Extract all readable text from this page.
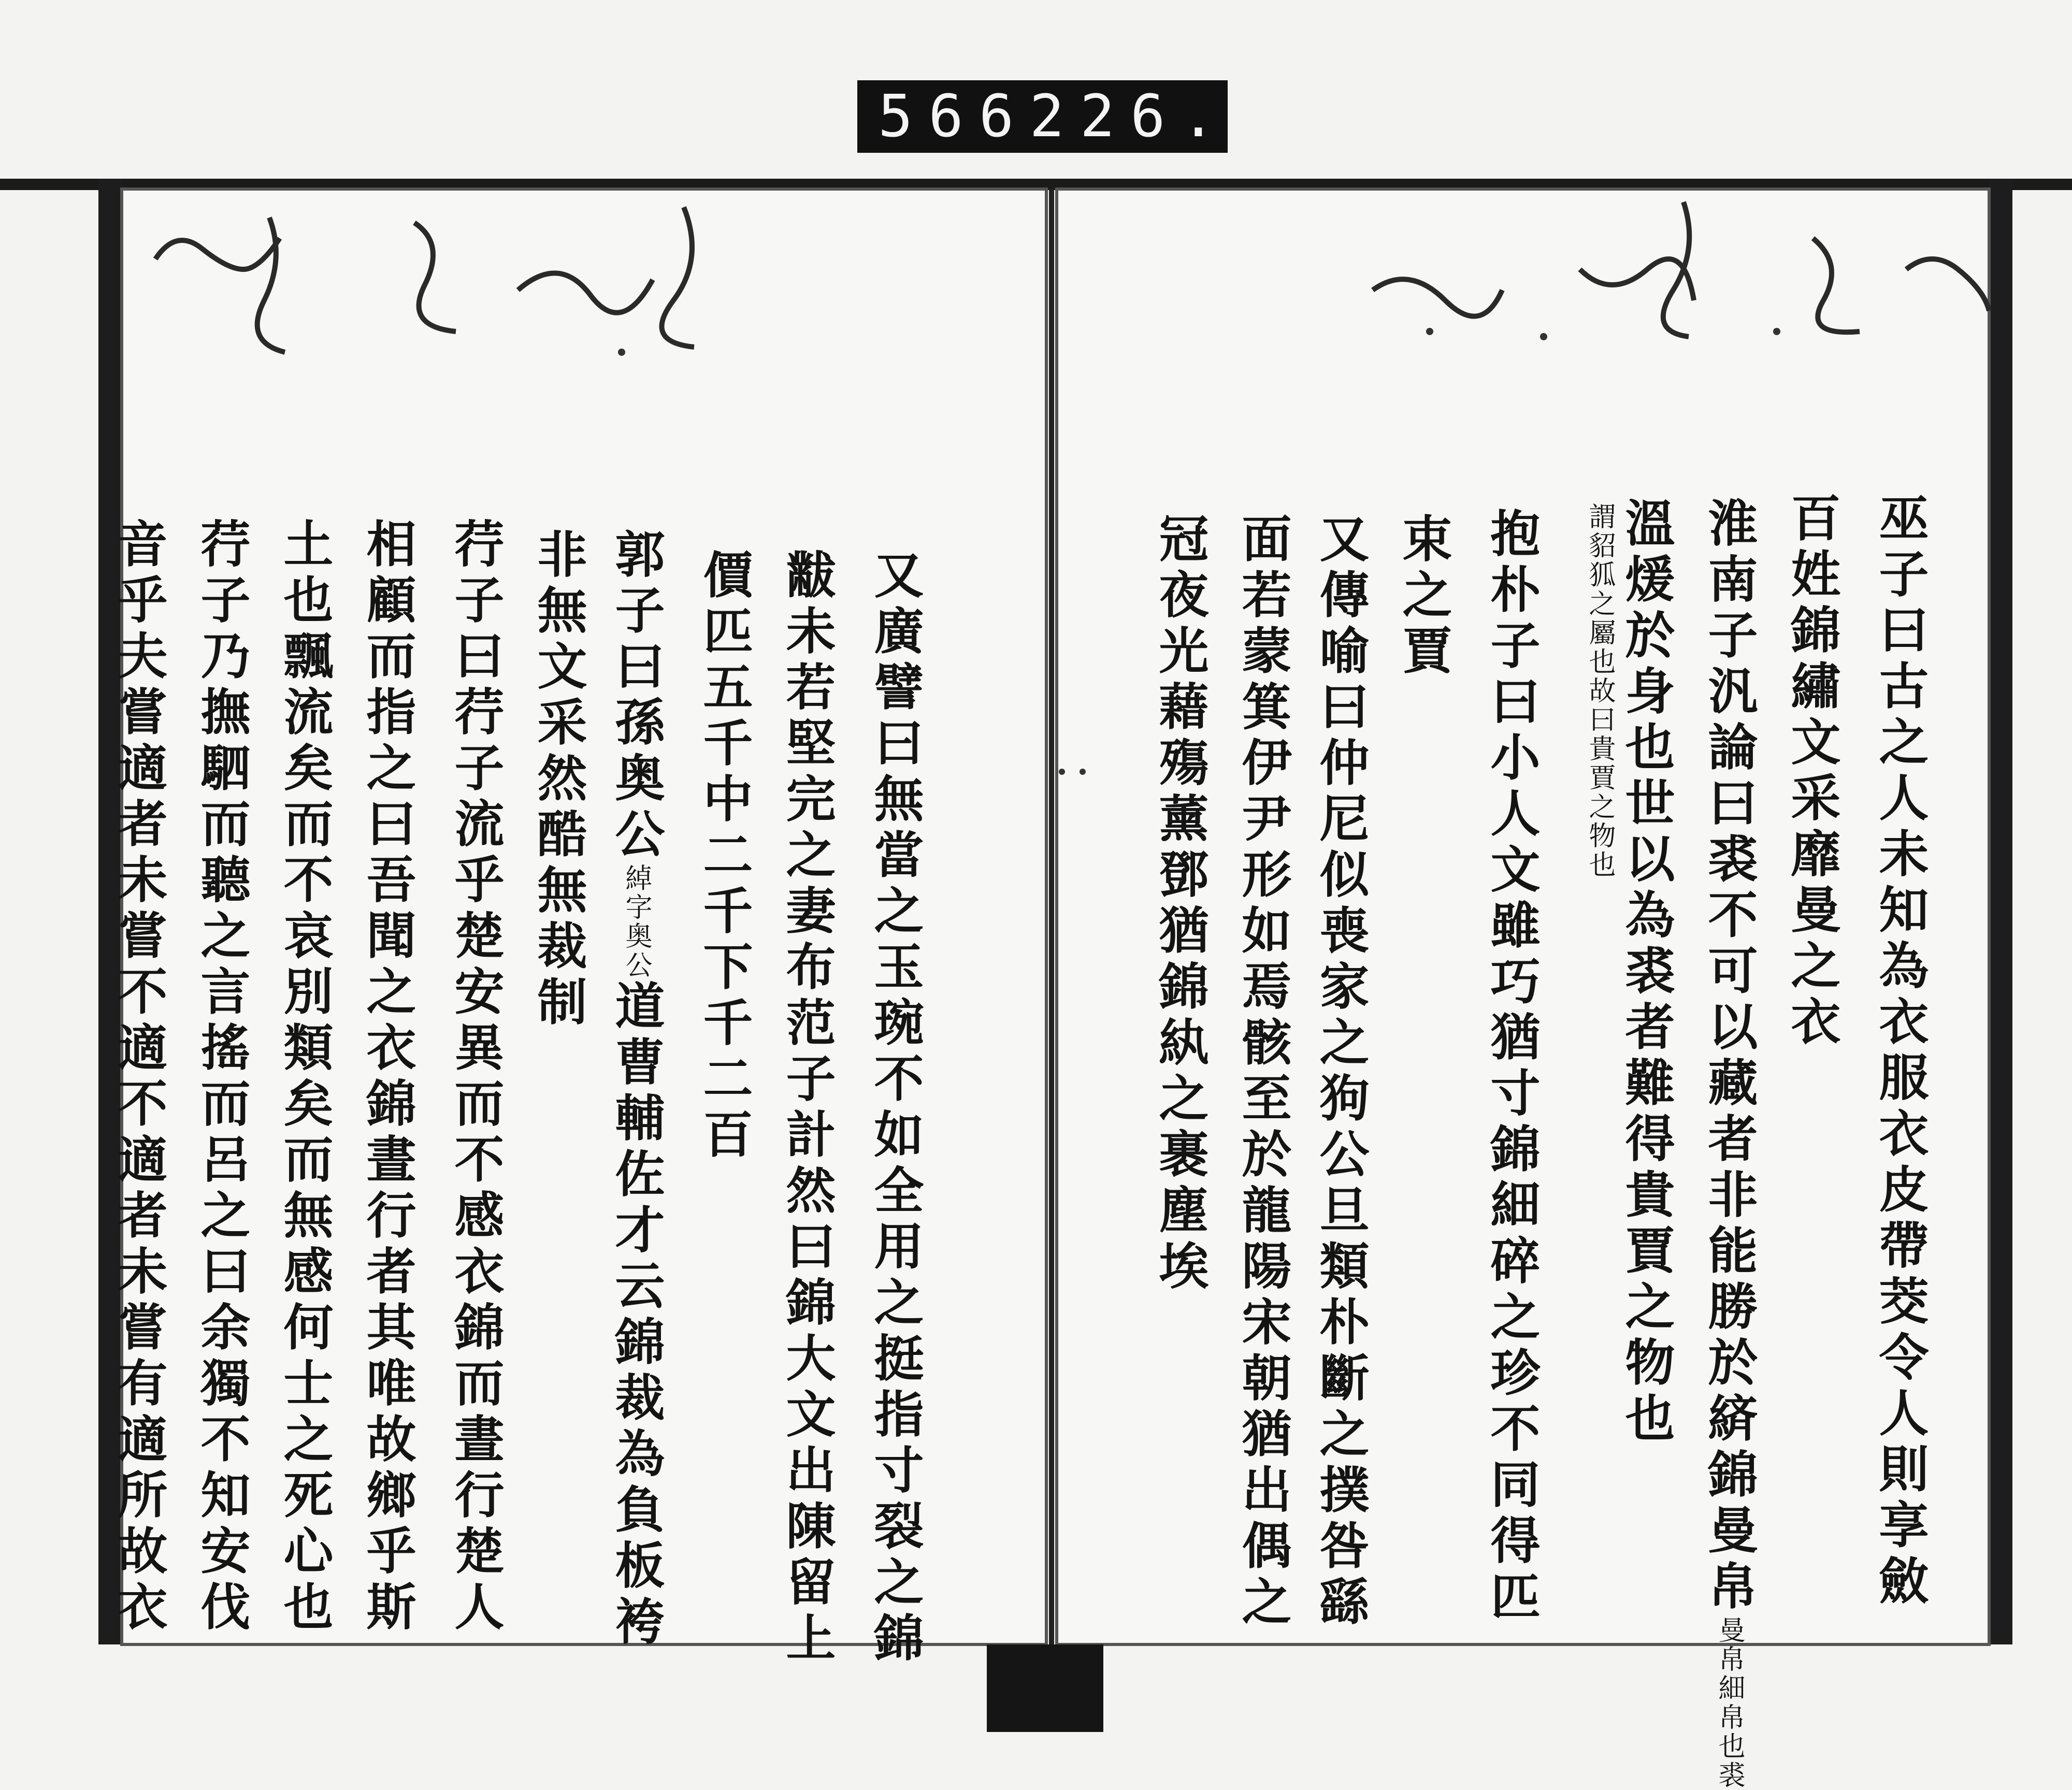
566 226.
巫子曰古之人未知為衣服衣皮帶茭令人則享斂
百姓錦繡文采靡曼之衣
淮南子汎論曰裘不可以藏者非能勝於緕錦曼帛曼帛細帛也裘
溫煖於身也世以為裘者難得貴賈之物也
謂貂狐之屬也故曰貴賈之物也
抱朴子曰小人文雖巧猶寸錦細碎之珍不同得匹
束之賈
又傳喻曰仲尼似喪家之狗公旦類朴斷之撲咎繇
面若蒙箕伊尹形如焉骸至於龍陽宋朝猶出偶之
冠夜光藉殤薰鄧猶錦紈之裹塵埃
又廣譬曰無當之玉琬不如全用之挺指寸裂之錦
黻未若堅完之妻布范子計然曰錦大文出陳留上
價匹五千中二千下千二百
郭子曰孫奥公綽字奥公道曹輔佐才云錦裁為負板袴
非無文采然酷無裁制
荇子曰荇子流乎楚安異而不感衣錦而晝行楚人
相顧而指之曰吾聞之衣錦晝行者其唯故鄉乎斯
土也飄流矣而不哀別類矣而無感何士之死心也
荇子乃撫駟而聽之言搖而呂之曰余獨不知安伐
音乎夫嘗適者未嘗不適不適者未嘗有適所故衣
